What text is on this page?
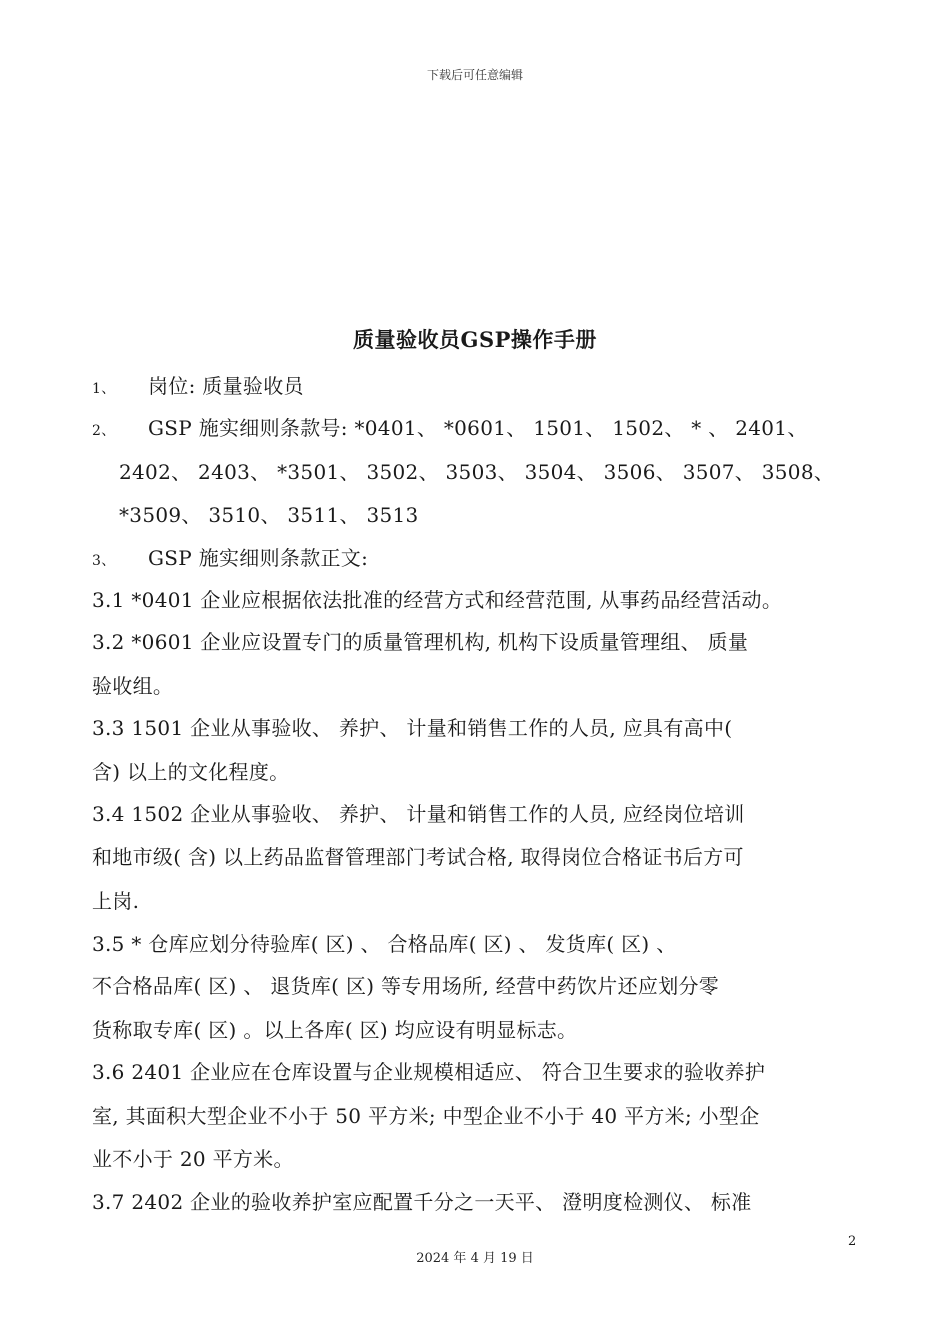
下载后可任意编辑
质量验收员GSP操作手册
1、 岗位: 质量验收员
2、 GSP 施实细则条款号: *0401、 *0601、 1501、 1502、 * 、 2401、
2402、 2403、 *3501、 3502、 3503、 3504、 3506、 3507、 3508、
*3509、 3510、 3511、 3513
3、 GSP 施实细则条款正文:
3.1 *0401 企业应根据依法批准的经营方式和经营范围, 从事药品经营活动。
3.2 *0601 企业应设置专门的质量管理机构, 机构下设质量管理组、 质量
验收组。
3.3 1501 企业从事验收、 养护、 计量和销售工作的人员, 应具有高中(
含) 以上的文化程度。
3.4 1502 企业从事验收、 养护、 计量和销售工作的人员, 应经岗位培训
和地市级( 含) 以上药品监督管理部门考试合格, 取得岗位合格证书后方可
上岗.
3.5 * 仓库应划分待验库( 区) 、 合格品库( 区) 、 发货库( 区) 、
不合格品库( 区) 、 退货库( 区) 等专用场所, 经营中药饮片还应划分零
货称取专库( 区) 。以上各库( 区) 均应设有明显标志。
3.6 2401 企业应在仓库设置与企业规模相适应、 符合卫生要求的验收养护
室, 其面积大型企业不小于 50 平方米; 中型企业不小于 40 平方米; 小型企
业不小于 20 平方米。
3.7 2402 企业的验收养护室应配置千分之一天平、 澄明度检测仪、 标准
2
2024 年 4 月 19 日
